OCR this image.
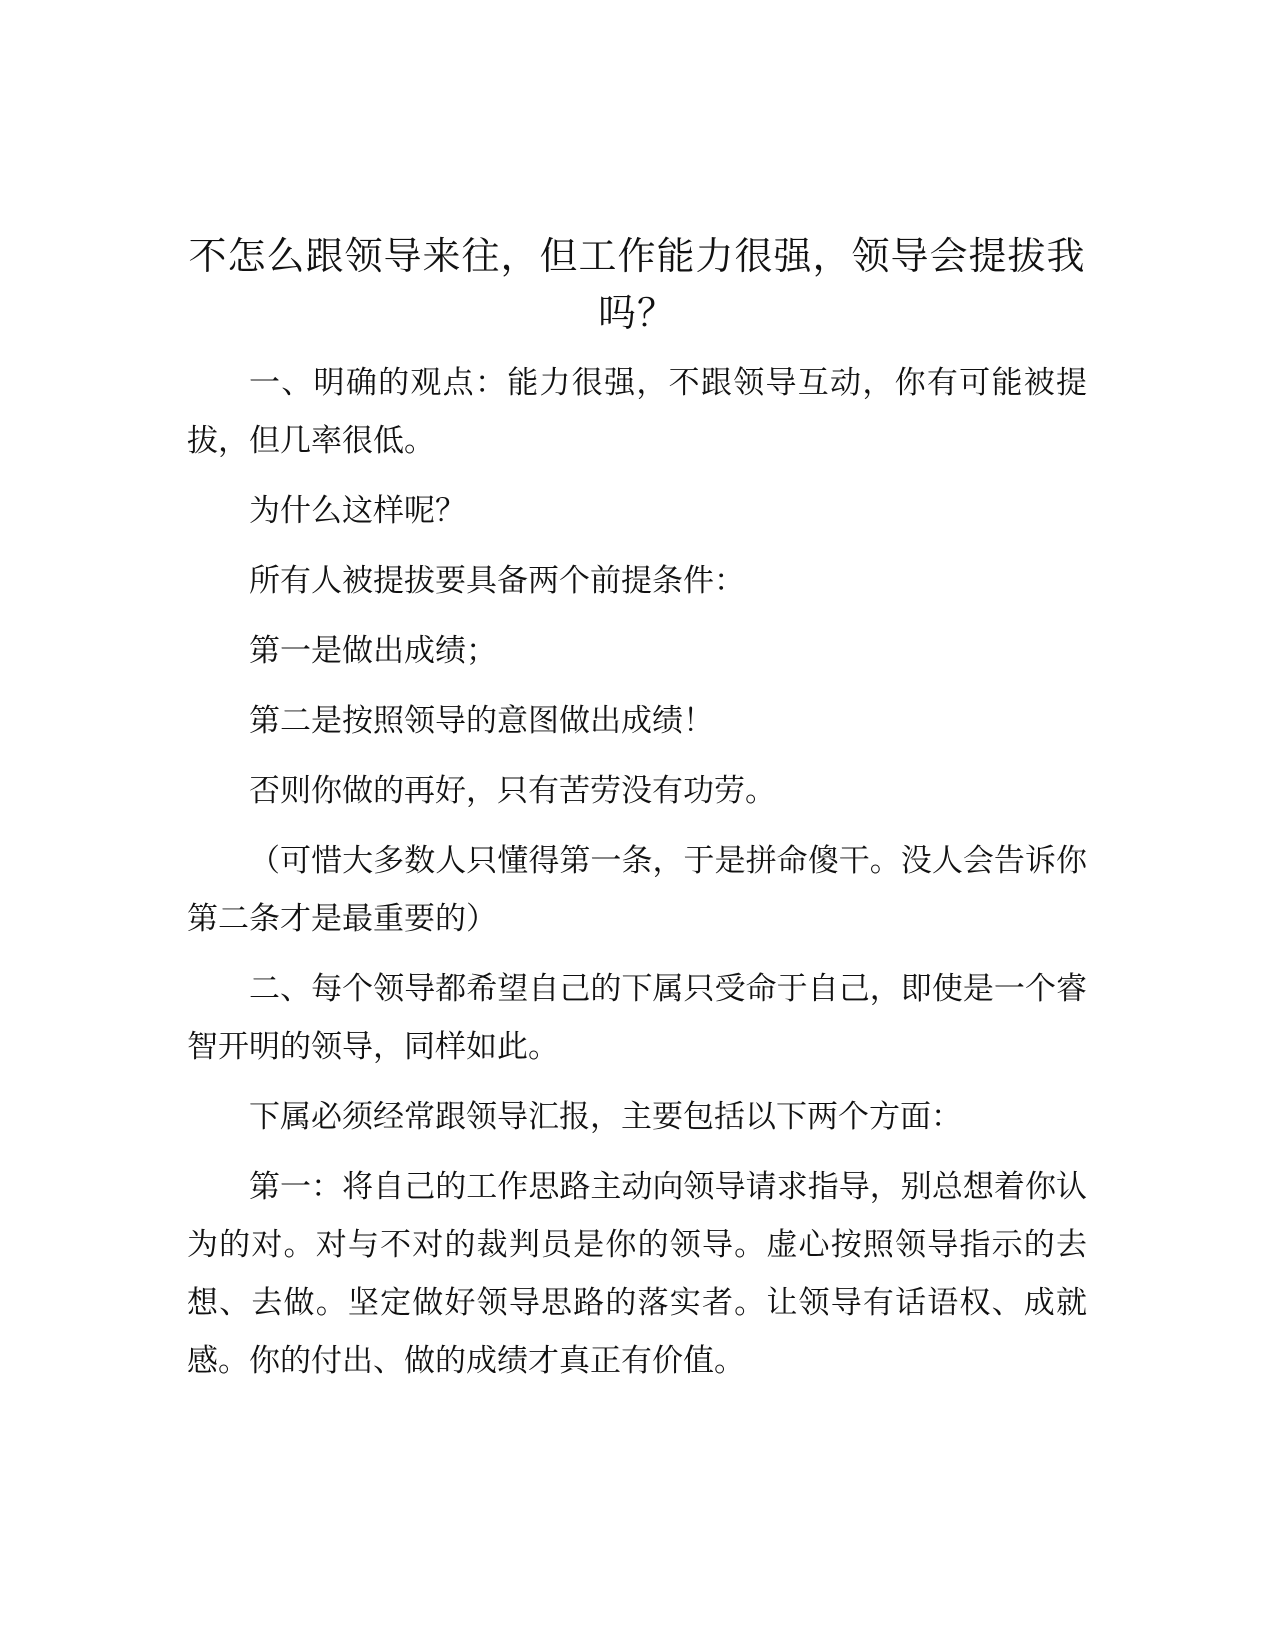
不怎么跟领导来往，但工作能力很强，领导会提拔我吗？

一、明确的观点：能力很强，不跟领导互动，你有可能被提拔，但几率很低。

为什么这样呢？

所有人被提拔要具备两个前提条件：

第一是做出成绩；

第二是按照领导的意图做出成绩！

否则你做的再好，只有苦劳没有功劳。

（可惜大多数人只懂得第一条，于是拼命傻干。没人会告诉你第二条才是最重要的）

二、每个领导都希望自己的下属只受命于自己，即使是一个睿智开明的领导，同样如此。

下属必须经常跟领导汇报，主要包括以下两个方面：

第一：将自己的工作思路主动向领导请求指导，别总想着你认为的对。对与不对的裁判员是你的领导。虚心按照领导指示的去想、去做。坚定做好领导思路的落实者。让领导有话语权、成就感。你的付出、做的成绩才真正有价值。
